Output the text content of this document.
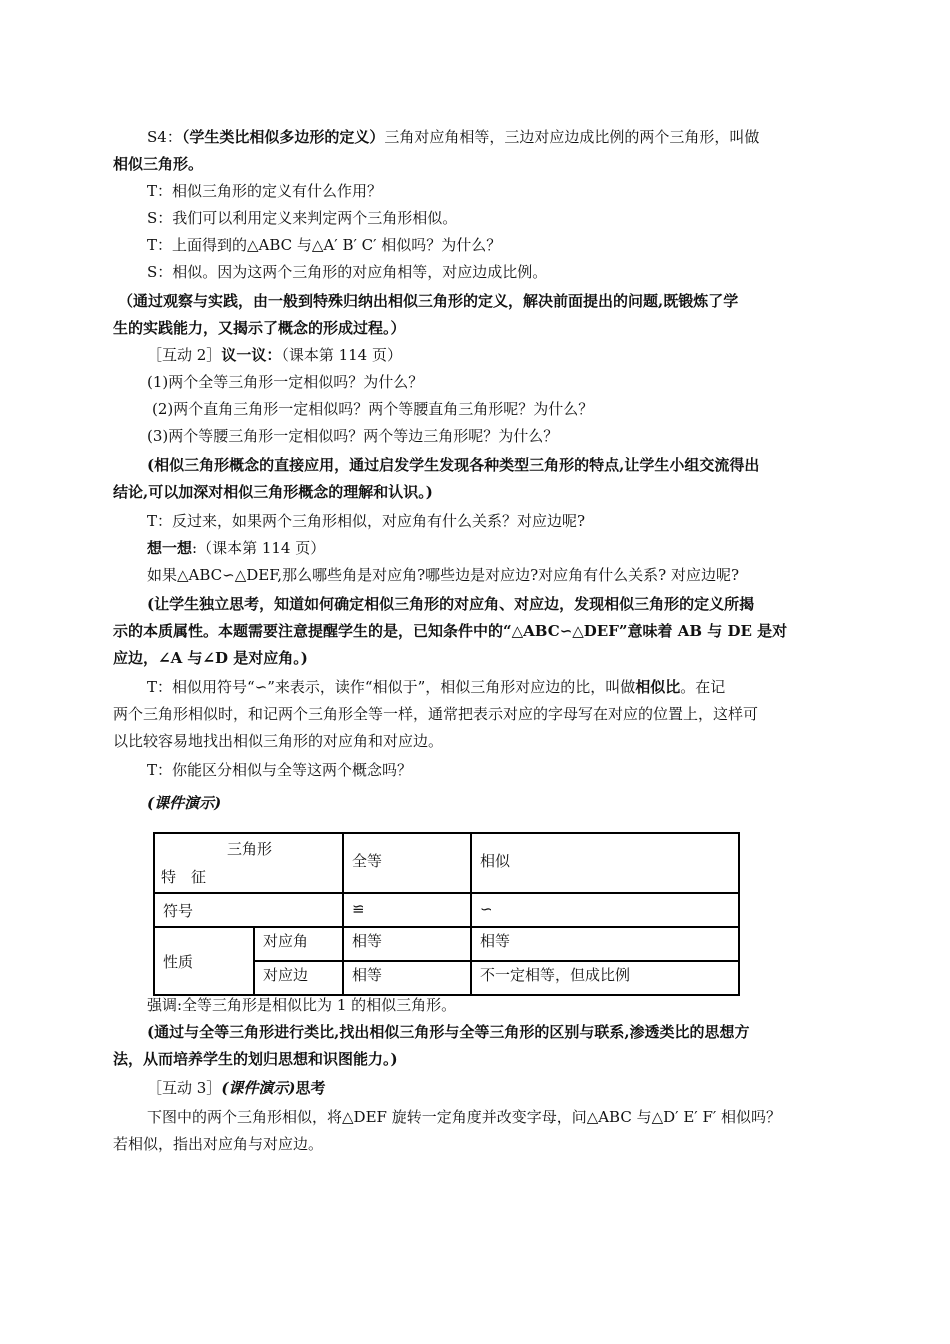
S4：（学生类比相似多边形的定义）三角对应角相等，三边对应边成比例的两个三角形，叫做
相似三角形。
T：相似三角形的定义有什么作用？
S：我们可以利用定义来判定两个三角形相似。
T：上面得到的△ABC 与△A′ B′ C′ 相似吗？为什么？
S：相似。因为这两个三角形的对应角相等，对应边成比例。
（通过观察与实践，由一般到特殊归纳出相似三角形的定义，解决前面提出的问题,既锻炼了学
生的实践能力，又揭示了概念的形成过程。）
［互动 2］议一议：（课本第 114 页）
(1)两个全等三角形一定相似吗？为什么？
(2)两个直角三角形一定相似吗？两个等腰直角三角形呢？为什么？
(3)两个等腰三角形一定相似吗？两个等边三角形呢？为什么？
(相似三角形概念的直接应用，通过启发学生发现各种类型三角形的特点,让学生小组交流得出
结论,可以加深对相似三角形概念的理解和认识。)
T：反过来，如果两个三角形相似，对应角有什么关系？对应边呢?
想一想:（课本第 114 页）
如果△ABC∽△DEF,那么哪些角是对应角?哪些边是对应边?对应角有什么关系? 对应边呢?
(让学生独立思考，知道如何确定相似三角形的对应角、对应边，发现相似三角形的定义所揭
示的本质属性。本题需要注意提醒学生的是，已知条件中的“△ABC∽△DEF”意味着 AB 与 DE 是对
应边，∠A 与∠D 是对应角。)
T：相似用符号“∽”来表示，读作“相似于”，相似三角形对应边的比，叫做相似比。在记
两个三角形相似时，和记两个三角形全等一样，通常把表示对应的字母写在对应的位置上，这样可
以比较容易地找出相似三角形的对应角和对应边。
T：你能区分相似与全等这两个概念吗？
(课件演示)
三角形
特　征		全等	相似

符号		≌	∽

性质	对应角	相等	相等

	对应边	相等	不一定相等，但成比例
强调:全等三角形是相似比为 1 的相似三角形。
(通过与全等三角形进行类比,找出相似三角形与全等三角形的区别与联系,渗透类比的思想方
法，从而培养学生的划归思想和识图能力。)
［互动 3］(课件演示)思考
下图中的两个三角形相似，将△DEF 旋转一定角度并改变字母，问△ABC 与△D′ E′ F′ 相似吗？
若相似，指出对应角与对应边。
